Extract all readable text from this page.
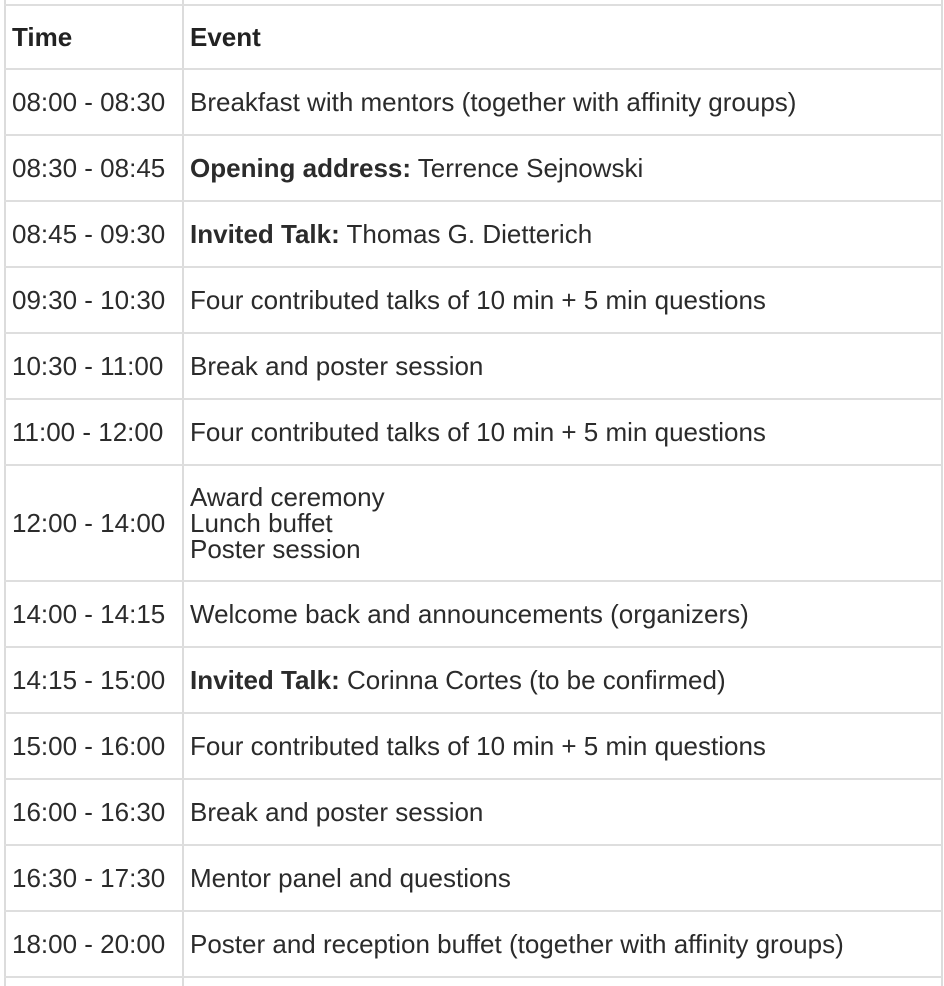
Time	Event
08:00 - 08:30	Breakfast with mentors (together with affinity groups)
08:30 - 08:45	Opening address: Terrence Sejnowski
08:45 - 09:30	Invited Talk: Thomas G. Dietterich
09:30 - 10:30	Four contributed talks of 10 min + 5 min questions
10:30 - 11:00	Break and poster session
11:00 - 12:00	Four contributed talks of 10 min + 5 min questions
12:00 - 14:00	Award ceremony
Lunch buffet
Poster session

14:00 - 14:15	Welcome back and announcements (organizers)
14:15 - 15:00	Invited Talk: Corinna Cortes (to be confirmed)
15:00 - 16:00	Four contributed talks of 10 min + 5 min questions
16:00 - 16:30	Break and poster session
16:30 - 17:30	Mentor panel and questions
18:00 - 20:00	Poster and reception buffet (together with affinity groups)
